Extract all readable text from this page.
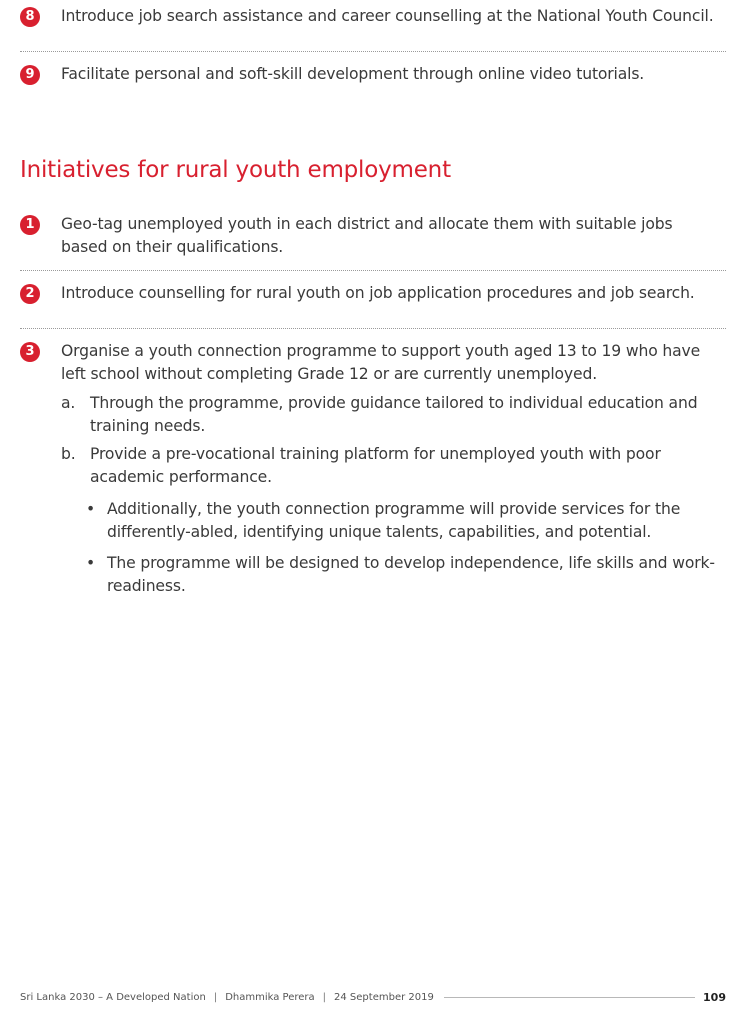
8	Introduce job search assistance and career counselling at the National Youth Council.
9	Facilitate personal and soft-skill development through online video tutorials.
Initiatives for rural youth employment
1	Geo-tag unemployed youth in each district and allocate them with suitable jobs based on their qualifications.
2	Introduce counselling for rural youth on job application procedures and job search.
3	Organise a youth connection programme to support youth aged 13 to 19 who have left school without completing Grade 12 or are currently unemployed.
a. Through the programme, provide guidance tailored to individual education and training needs.
b. Provide a pre-vocational training platform for unemployed youth with poor academic performance.
• Additionally, the youth connection programme will provide services for the differently-abled, identifying unique talents, capabilities, and potential.
• The programme will be designed to develop independence, life skills and work-readiness.
Sri Lanka 2030 – A Developed Nation | Dhammika Perera | 24 September 2019	109
